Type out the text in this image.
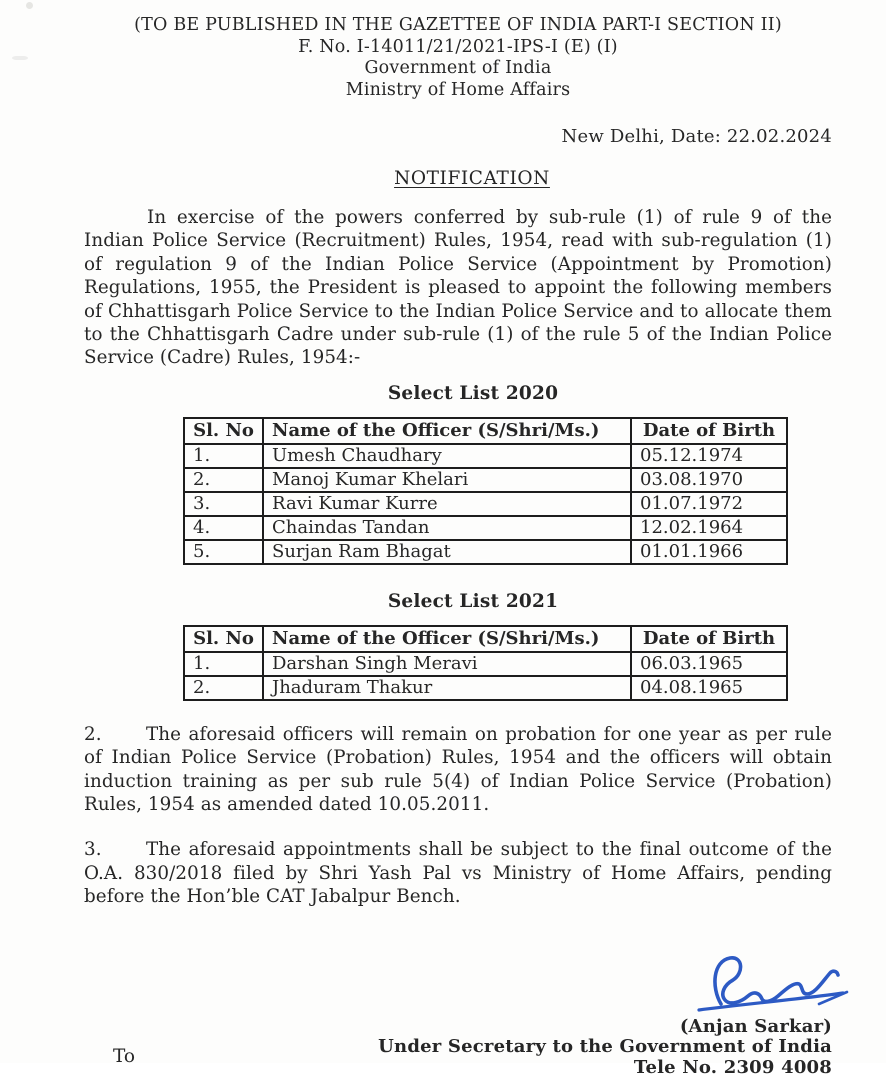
(TO BE PUBLISHED IN THE GAZETTEE OF INDIA PART-I SECTION II)
F. No. I-14011/21/2021-IPS-I (E) (I)
Government of India
Ministry of Home Affairs
New Delhi, Date: 22.02.2024
NOTIFICATION

In exercise of the powers conferred by sub-rule (1) of rule 9 of the Indian Police Service (Recruitment) Rules, 1954, read with sub-regulation (1) of regulation 9 of the Indian Police Service (Appointment by Promotion) Regulations, 1955, the President is pleased to appoint the following members of Chhattisgarh Police Service to the Indian Police Service and to allocate them to the Chhattisgarh Cadre under sub-rule (1) of the rule 5 of the Indian Police Service (Cadre) Rules, 1954:-

Select List 2020
Sl. No	Name of the Officer (S/Shri/Ms.)	Date of Birth
1.	Umesh Chaudhary	05.12.1974
2.	Manoj Kumar Khelari	03.08.1970
3.	Ravi Kumar Kurre	01.07.1972
4.	Chaindas Tandan	12.02.1964
5.	Surjan Ram Bhagat	01.01.1966
Select List 2021
Sl. No	Name of the Officer (S/Shri/Ms.)	Date of Birth
1.	Darshan Singh Meravi	06.03.1965
2.	Jhaduram Thakur	04.08.1965

2. The aforesaid officers will remain on probation for one year as per rule of Indian Police Service (Probation) Rules, 1954 and the officers will obtain induction training as per sub rule 5(4) of Indian Police Service (Probation) Rules, 1954 as amended dated 10.05.2011.

3. The aforesaid appointments shall be subject to the final outcome of the O.A. 830/2018 filed by Shri Yash Pal vs Ministry of Home Affairs, pending before the Hon’ble CAT Jabalpur Bench.

(Anjan Sarkar)
Under Secretary to the Government of India
Tele No. 2309 4008
To
